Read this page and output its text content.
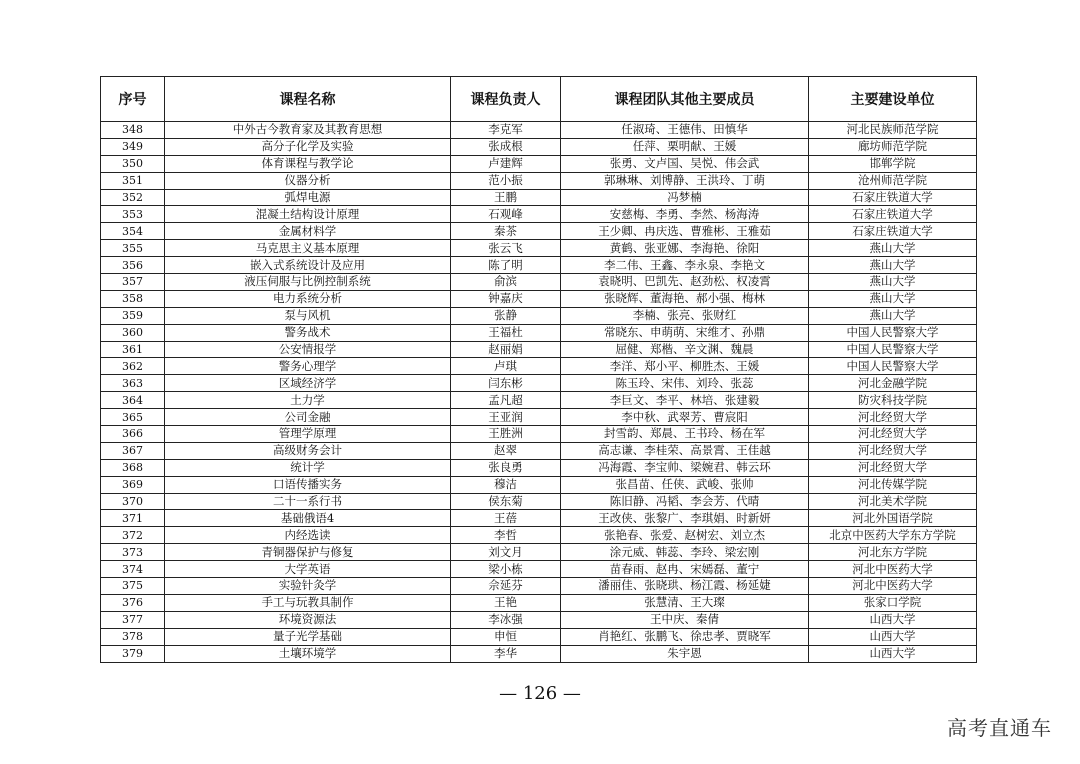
序号	课程名称	课程负责人	课程团队其他主要成员	主要建设单位
348	中外古今教育家及其教育思想	李克军	任淑琦、王德伟、田慎华	河北民族师范学院
349	高分子化学及实验	张成根	任萍、栗明献、王媛	廊坊师范学院
350	体育课程与教学论	卢建辉	张勇、文卢国、吴悦、伟会武	邯郸学院
351	仪器分析	范小振	郭琳琳、刘博静、王洪玲、丁萌	沧州师范学院
352	弧焊电源	王鹏	冯梦楠	石家庄铁道大学
353	混凝土结构设计原理	石观峰	安慈梅、李勇、李然、杨海涛	石家庄铁道大学
354	金属材料学	秦茶	王少卿、冉庆选、曹雅彬、王雅茹	石家庄铁道大学
355	马克思主义基本原理	张云飞	黄鹤、张亚娜、李海艳、徐阳	燕山大学
356	嵌入式系统设计及应用	陈了明	李二伟、王鑫、李永泉、李艳文	燕山大学
357	液压伺服与比例控制系统	俞滨	袁晓明、巴凯先、赵劲松、权凌霄	燕山大学
358	电力系统分析	钟嘉庆	张晓辉、董海艳、郝小强、梅林	燕山大学
359	泵与风机	张静	李楠、张亮、张财红	燕山大学
360	警务战术	王福杜	常晓东、申萌萌、宋维才、孙鼎	中国人民警察大学
361	公安情报学	赵丽娟	屈健、郑楷、辛文渊、魏晨	中国人民警察大学
362	警务心理学	卢琪	李洋、郑小平、柳胜杰、王媛	中国人民警察大学
363	区域经济学	闫东彬	陈玉玲、宋伟、刘玲、张蕊	河北金融学院
364	土力学	孟凡超	李巨文、李平、林培、张建毅	防灾科技学院
365	公司金融	王亚润	李中秋、武翠芳、曹宸阳	河北经贸大学
366	管理学原理	王胜洲	封雪韵、郑晨、王书玲、杨在军	河北经贸大学
367	高级财务会计	赵翠	高志谦、李桂荣、高景霄、王佳越	河北经贸大学
368	统计学	张良勇	冯海霞、李宝帅、梁婉君、韩云环	河北经贸大学
369	口语传播实务	穆洁	张昌苗、任侠、武峻、张帅	河北传媒学院
370	二十一系行书	侯东菊	陈旧静、冯韬、李会芳、代晴	河北美术学院
371	基础俄语4	王蓓	王改侠、张黎广、李琪娟、时新妍	河北外国语学院
372	内经选读	李哲	张艳春、张爱、赵树宏、刘立杰	北京中医药大学东方学院
373	青铜器保护与修复	刘文月	涂元威、韩蕊、李玲、梁宏刚	河北东方学院
374	大学英语	梁小栋	苗春雨、赵冉、宋嫣磊、董宁	河北中医药大学
375	实验针灸学	佘延芬	潘丽佳、张晓珙、杨江霞、杨延婕	河北中医药大学
376	手工与玩教具制作	王艳	张慧清、王大璨	张家口学院
377	环境资源法	李冰强	王中庆、秦倩	山西大学
378	量子光学基础	申恒	肖艳红、张鹏飞、徐忠孝、贾晓军	山西大学
379	土壤环境学	李华	朱宇恩	山西大学
— 126 —
高考直通车
